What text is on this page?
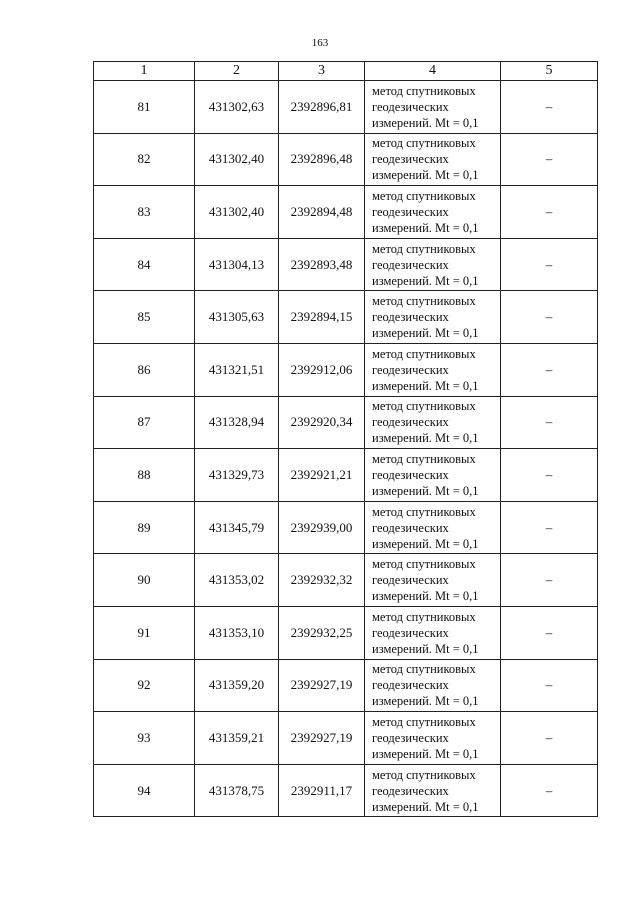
163
1	2	3	4	5
81	431302,63	2392896,81	метод спутниковых
геодезических
измерений. Mt = 0,1	–
82	431302,40	2392896,48	метод спутниковых
геодезических
измерений. Mt = 0,1	–
83	431302,40	2392894,48	метод спутниковых
геодезических
измерений. Mt = 0,1	–
84	431304,13	2392893,48	метод спутниковых
геодезических
измерений. Mt = 0,1	–
85	431305,63	2392894,15	метод спутниковых
геодезических
измерений. Mt = 0,1	–
86	431321,51	2392912,06	метод спутниковых
геодезических
измерений. Mt = 0,1	–
87	431328,94	2392920,34	метод спутниковых
геодезических
измерений. Mt = 0,1	–
88	431329,73	2392921,21	метод спутниковых
геодезических
измерений. Mt = 0,1	–
89	431345,79	2392939,00	метод спутниковых
геодезических
измерений. Mt = 0,1	–
90	431353,02	2392932,32	метод спутниковых
геодезических
измерений. Mt = 0,1	–
91	431353,10	2392932,25	метод спутниковых
геодезических
измерений. Mt = 0,1	–
92	431359,20	2392927,19	метод спутниковых
геодезических
измерений. Mt = 0,1	–
93	431359,21	2392927,19	метод спутниковых
геодезических
измерений. Mt = 0,1	–
94	431378,75	2392911,17	метод спутниковых
геодезических
измерений. Mt = 0,1	–
